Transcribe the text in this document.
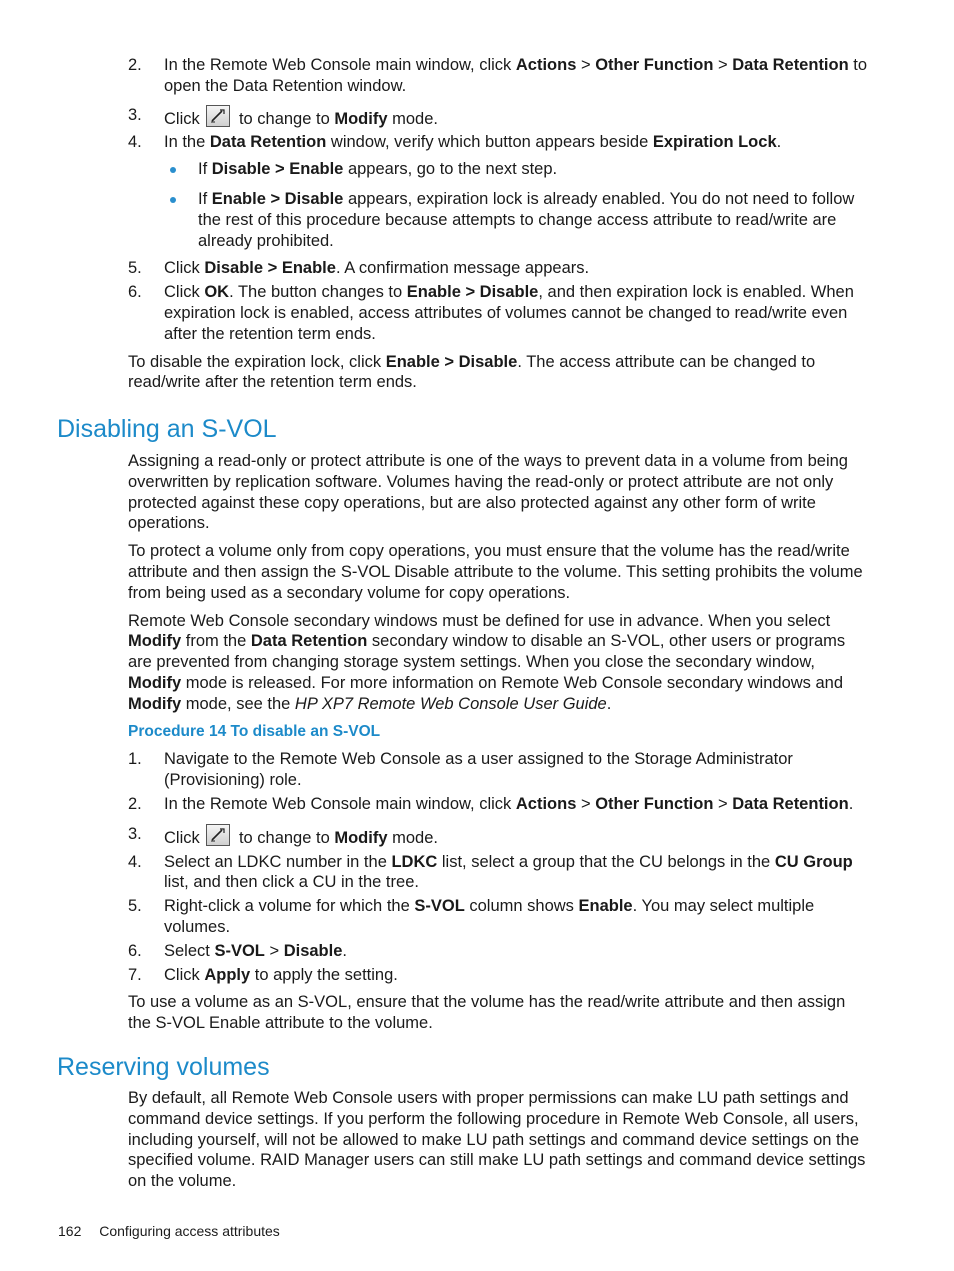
2. In the Remote Web Console main window, click Actions > Other Function > Data Retention to open the Data Retention window.
3. Click to change to Modify mode.
4. In the Data Retention window, verify which button appears beside Expiration Lock.
If Disable > Enable appears, go to the next step.
If Enable > Disable appears, expiration lock is already enabled. You do not need to follow the rest of this procedure because attempts to change access attribute to read/write are already prohibited.
5. Click Disable > Enable. A confirmation message appears.
6. Click OK. The button changes to Enable > Disable, and then expiration lock is enabled. When expiration lock is enabled, access attributes of volumes cannot be changed to read/write even after the retention term ends.

To disable the expiration lock, click Enable > Disable. The access attribute can be changed to read/write after the retention term ends.

Disabling an S-VOL

Assigning a read-only or protect attribute is one of the ways to prevent data in a volume from being overwritten by replication software. Volumes having the read-only or protect attribute are not only protected against these copy operations, but are also protected against any other form of write operations.

To protect a volume only from copy operations, you must ensure that the volume has the read/write attribute and then assign the S-VOL Disable attribute to the volume. This setting prohibits the volume from being used as a secondary volume for copy operations.

Remote Web Console secondary windows must be defined for use in advance. When you select Modify from the Data Retention secondary window to disable an S-VOL, other users or programs are prevented from changing storage system settings. When you close the secondary window, Modify mode is released. For more information on Remote Web Console secondary windows and Modify mode, see the HP XP7 Remote Web Console User Guide.

Procedure 14 To disable an S-VOL

1. Navigate to the Remote Web Console as a user assigned to the Storage Administrator (Provisioning) role.
2. In the Remote Web Console main window, click Actions > Other Function > Data Retention.
3. Click to change to Modify mode.
4. Select an LDKC number in the LDKC list, select a group that the CU belongs in the CU Group list, and then click a CU in the tree.
5. Right-click a volume for which the S-VOL column shows Enable. You may select multiple volumes.
6. Select S-VOL > Disable.
7. Click Apply to apply the setting.

To use a volume as an S-VOL, ensure that the volume has the read/write attribute and then assign the S-VOL Enable attribute to the volume.

Reserving volumes

By default, all Remote Web Console users with proper permissions can make LU path settings and command device settings. If you perform the following procedure in Remote Web Console, all users, including yourself, will not be allowed to make LU path settings and command device settings on the specified volume. RAID Manager users can still make LU path settings and command device settings on the volume.

162 Configuring access attributes
